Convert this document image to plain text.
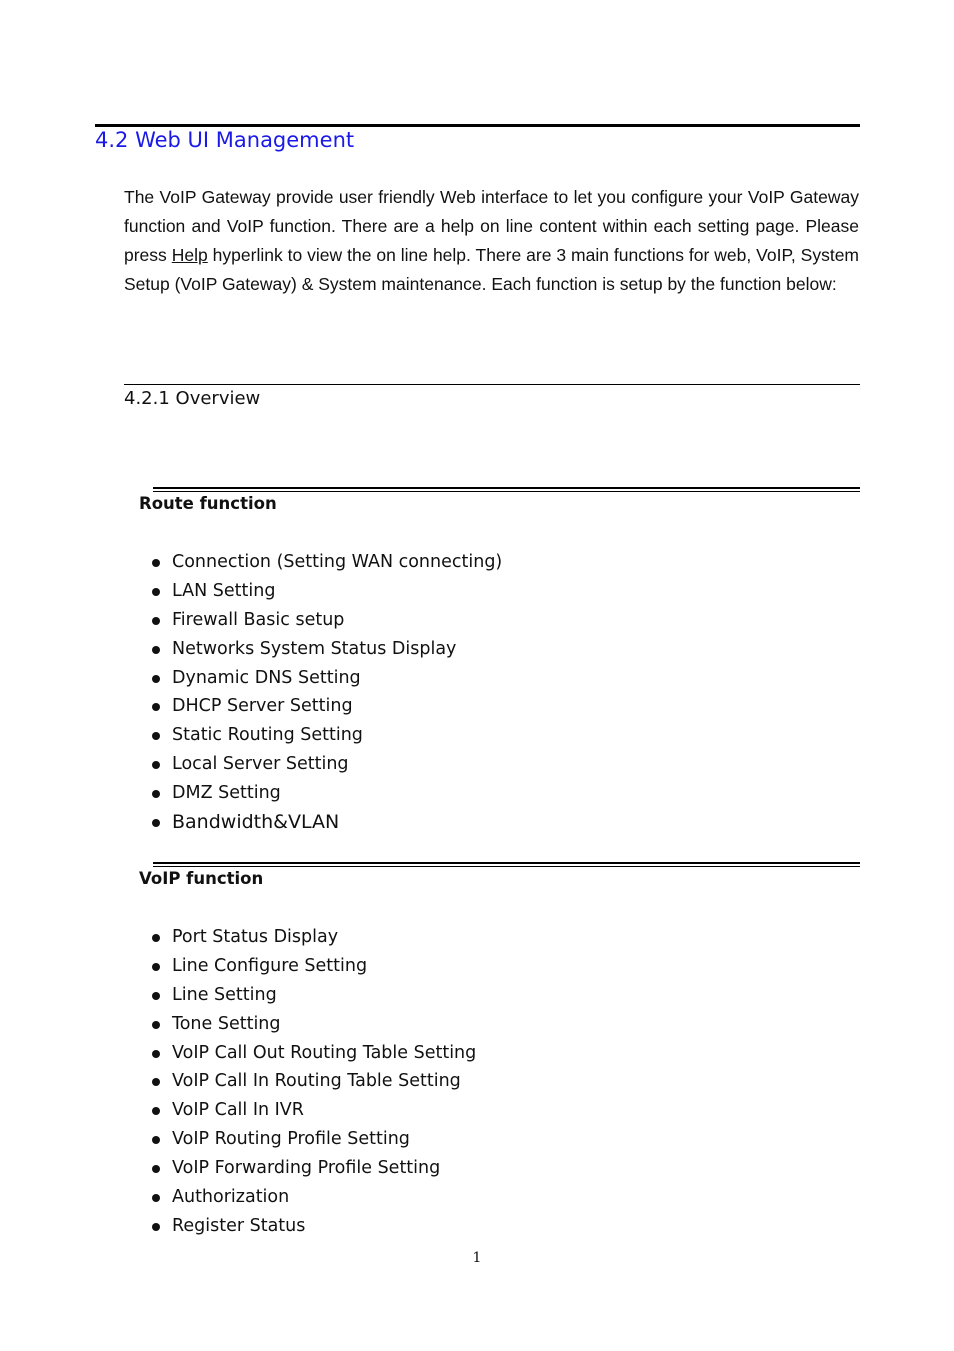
4.2 Web UI Management
The VoIP Gateway provide user friendly Web interface to let you configure your VoIP Gateway function and VoIP function. There are a help on line content within each setting page. Please press Help hyperlink to view the on line help. There are 3 main functions for web, VoIP, System Setup (VoIP Gateway) & System maintenance. Each function is setup by the function below:
4.2.1 Overview
Route function
Connection (Setting WAN connecting)
LAN Setting
Firewall Basic setup
Networks System Status Display
Dynamic DNS Setting
DHCP Server Setting
Static Routing Setting
Local Server Setting
DMZ Setting
Bandwidth&VLAN
VoIP function
Port Status Display
Line Configure Setting
Line Setting
Tone Setting
VoIP Call Out Routing Table Setting
VoIP Call In Routing Table Setting
VoIP Call In IVR
VoIP Routing Profile Setting
VoIP Forwarding Profile Setting
Authorization
Register Status
1
